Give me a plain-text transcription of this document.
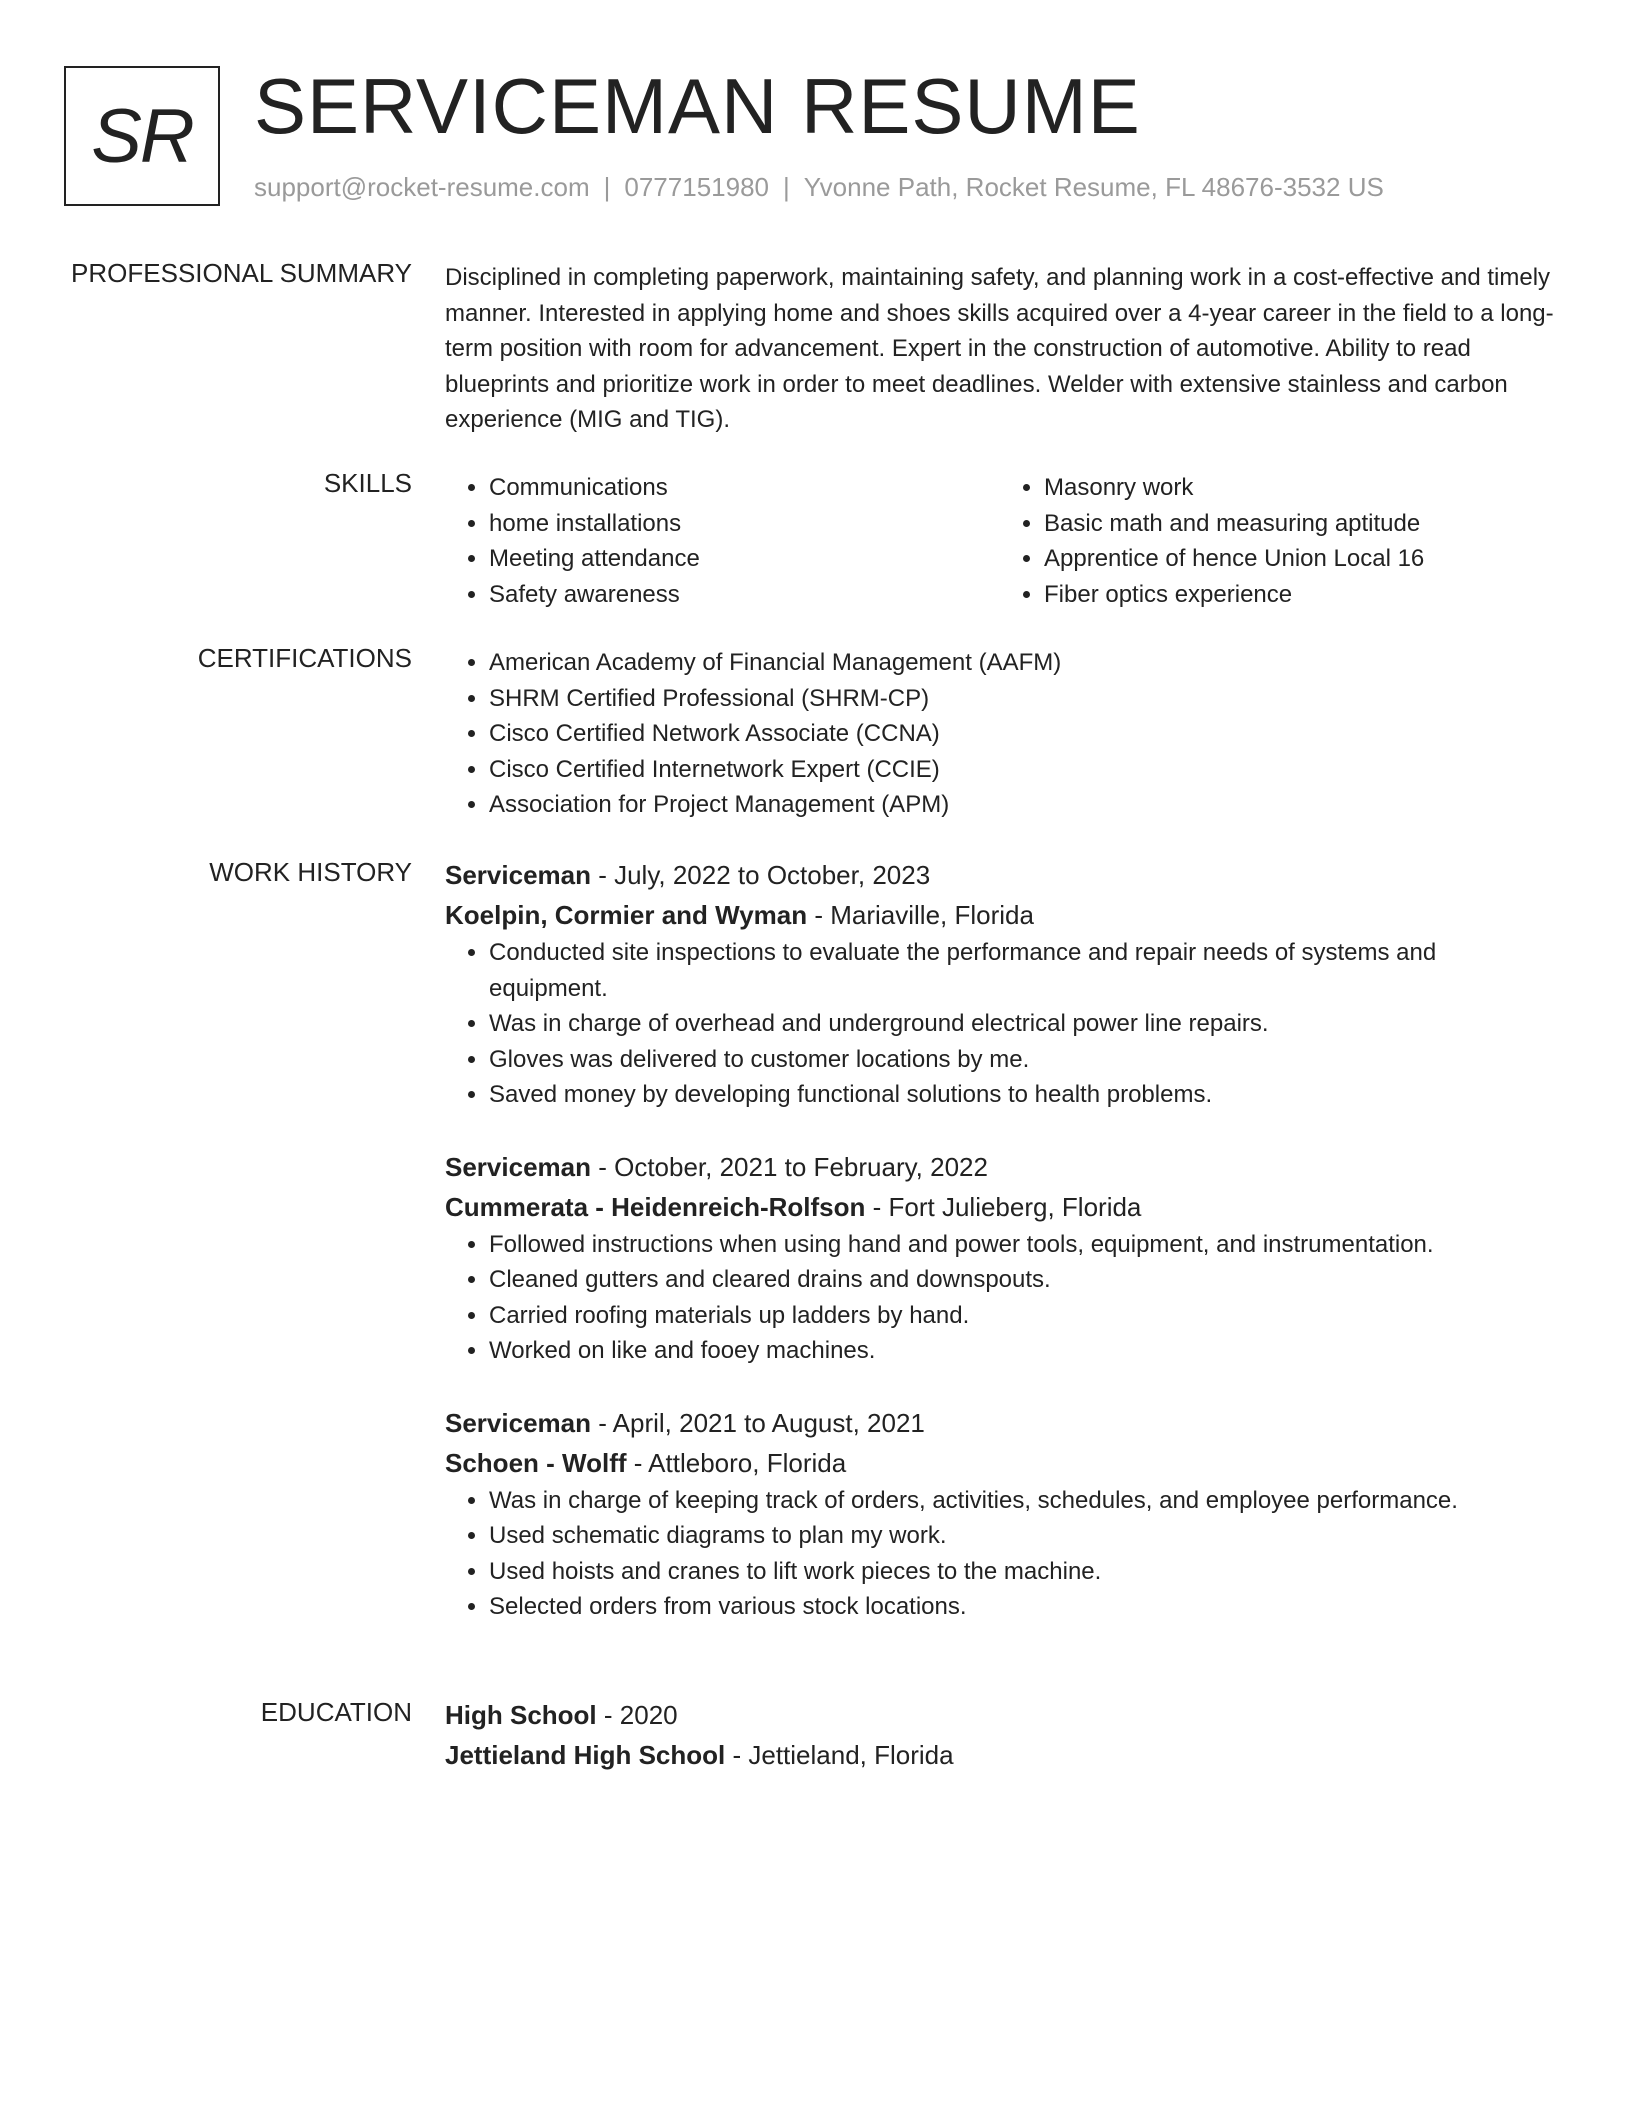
SR SERVICEMAN RESUME
support@rocket-resume.com | 0777151980 | Yvonne Path, Rocket Resume, FL 48676-3532 US
PROFESSIONAL SUMMARY Disciplined in completing paperwork, maintaining safety, and planning work in a cost-effective and timely manner. Interested in applying home and shoes skills acquired over a 4-year career in the field to a long-term position with room for advancement. Expert in the construction of automotive. Ability to read blueprints and prioritize work in order to meet deadlines. Welder with extensive stainless and carbon experience (MIG and TIG).

SKILLS	• Communications
• home installations
• Meeting attendance
• Safety awareness
• Masonry work
• Basic math and measuring aptitude
• Apprentice of hence Union Local 16
• Fiber optics experience
CERTIFICATIONS	• American Academy of Financial Management (AAFM)
• SHRM Certified Professional (SHRM-CP)
• Cisco Certified Network Associate (CCNA)
• Cisco Certified Internetwork Expert (CCIE)
• Association for Project Management (APM)
WORK HISTORY Serviceman - July, 2022 to October, 2023
Koelpin, Cormier and Wyman - Mariaville, Florida
• Conducted site inspections to evaluate the performance and repair needs of systems and equipment.
• Was in charge of overhead and underground electrical power line repairs.
• Gloves was delivered to customer locations by me.
• Saved money by developing functional solutions to health problems.
Serviceman - October, 2021 to February, 2022
Cummerata - Heidenreich-Rolfson - Fort Julieberg, Florida
• Followed instructions when using hand and power tools, equipment, and instrumentation.
• Cleaned gutters and cleared drains and downspouts.
• Carried roofing materials up ladders by hand.
• Worked on like and fooey machines.
Serviceman - April, 2021 to August, 2021
Schoen - Wolff - Attleboro, Florida
• Was in charge of keeping track of orders, activities, schedules, and employee performance.
• Used schematic diagrams to plan my work.
• Used hoists and cranes to lift work pieces to the machine.
• Selected orders from various stock locations.
EDUCATION High School - 2020
Jettieland High School - Jettieland, Florida
